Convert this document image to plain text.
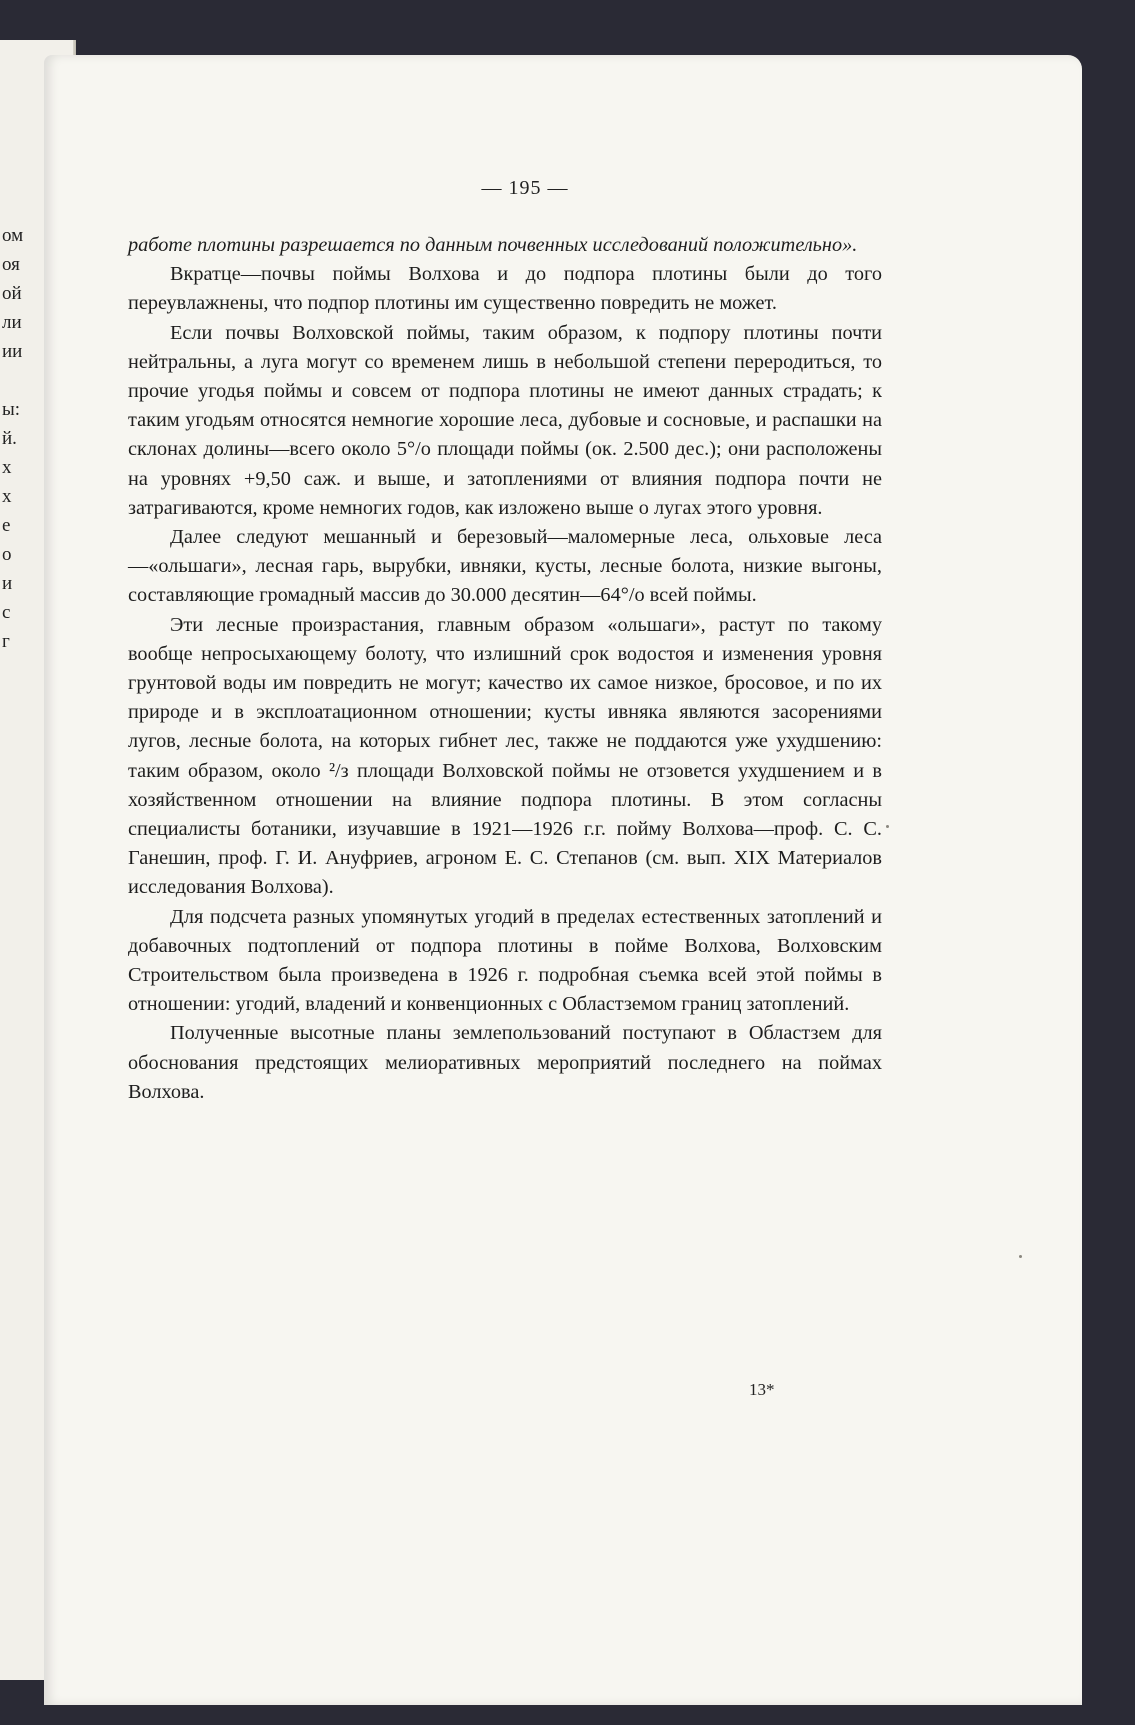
ом
оя
ой
ли
ии
ы:
й.
х
х
е
о
и
с
г
— 195 —

работе плотины разрешается по данным почвенных исследований положительно».

Вкратце—почвы поймы Волхова и до подпора плотины были до того переувлажнены, что подпор плотины им существенно повредить не может.

Если почвы Волховской поймы, таким образом, к подпору плотины почти нейтральны, а луга могут со временем лишь в небольшой степени переродиться, то прочие угодья поймы и совсем от подпора плотины не имеют данных страдать; к таким угодьям относятся немногие хорошие леса, дубовые и сосновые, и распашки на склонах долины—всего около 5°/о площади поймы (ок. 2.500 дес.); они расположены на уровнях +9,50 саж. и выше, и затоплениями от влияния подпора почти не затрагиваются, кроме немногих годов, как изложено выше о лугах этого уровня.

Далее следуют мешанный и березовый—маломерные леса, ольховые леса—«ольшаги», лесная гарь, вырубки, ивняки, кусты, лесные болота, низкие выгоны, составляющие громадный массив до 30.000 десятин—64°/о всей поймы.

Эти лесные произрастания, главным образом «ольшаги», растут по такому вообще непросыхающему болоту, что излишний срок водостоя и изменения уровня грунтовой воды им повредить не могут; качество их самое низкое, бросовое, и по их природе и в эксплоатационном отношении; кусты ивняка являются засорениями лугов, лесные болота, на которых гибнет лес, также не поддаются уже ухудшению: таким образом, около ²/з площади Волховской поймы не отзовется ухудшением и в хозяйственном отношении на влияние подпора плотины. В этом согласны специалисты ботаники, изучавшие в 1921—1926 г.г. пойму Волхова—проф. С. С. Ганешин, проф. Г. И. Ануфриев, агроном Е. С. Степанов (см. вып. XIX Материалов исследования Волхова).

Для подсчета разных упомянутых угодий в пределах естественных затоплений и добавочных подтоплений от подпора плотины в пойме Волхова, Волховским Строительством была произведена в 1926 г. подробная съемка всей этой поймы в отношении: угодий, владений и конвенционных с Областземом границ затоплений.

Полученные высотные планы землепользований поступают в Областзем для обоснования предстоящих мелиоративных мероприятий последнего на поймах Волхова.

13*
